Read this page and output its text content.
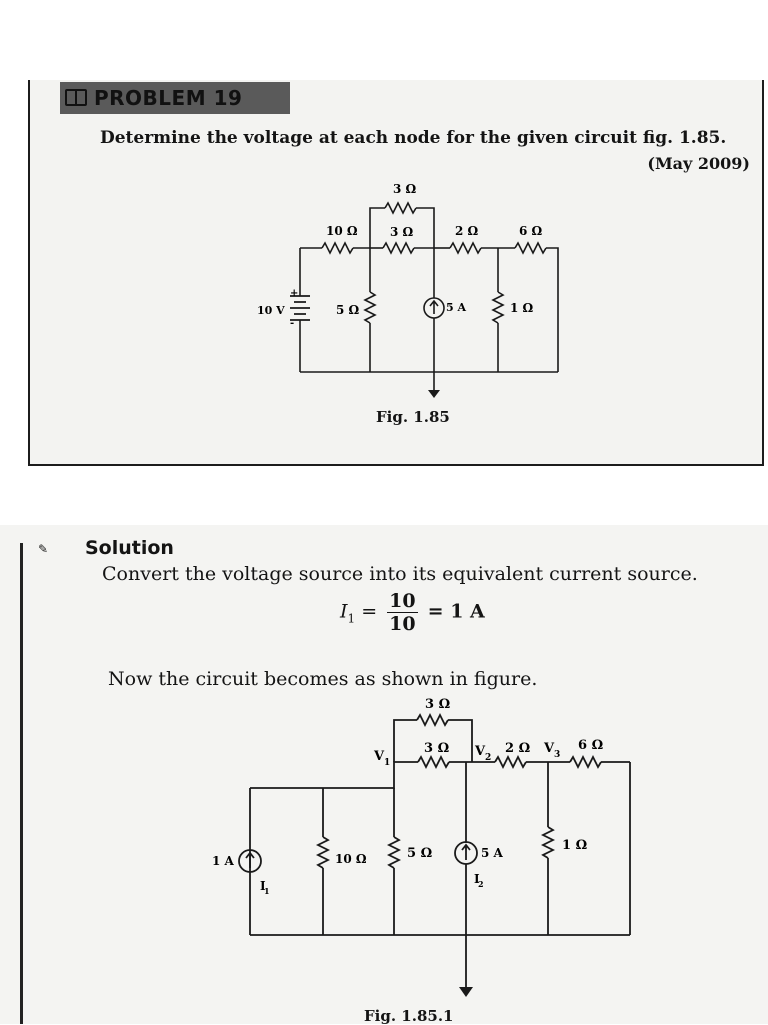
PROBLEM 19
Determine the voltage at each node for the given circuit fig. 1.85.
(May 2009)
3 Ω
10 Ω	3 Ω	2 Ω	6 Ω
10 V
+
-
5 Ω	5 A	1 Ω
Fig. 1.85
✎	Solution
Convert the voltage source into its equivalent current source.
$I_1 = \frac{10}{10} = 1$ A
Now the circuit becomes as shown in figure.
3 Ω
V 1
3 Ω V 2
2 Ω V 3
6 Ω
1 A
I
1
10 Ω	5 Ω	5 A
I
2
1 Ω
Fig. 1.85.1
